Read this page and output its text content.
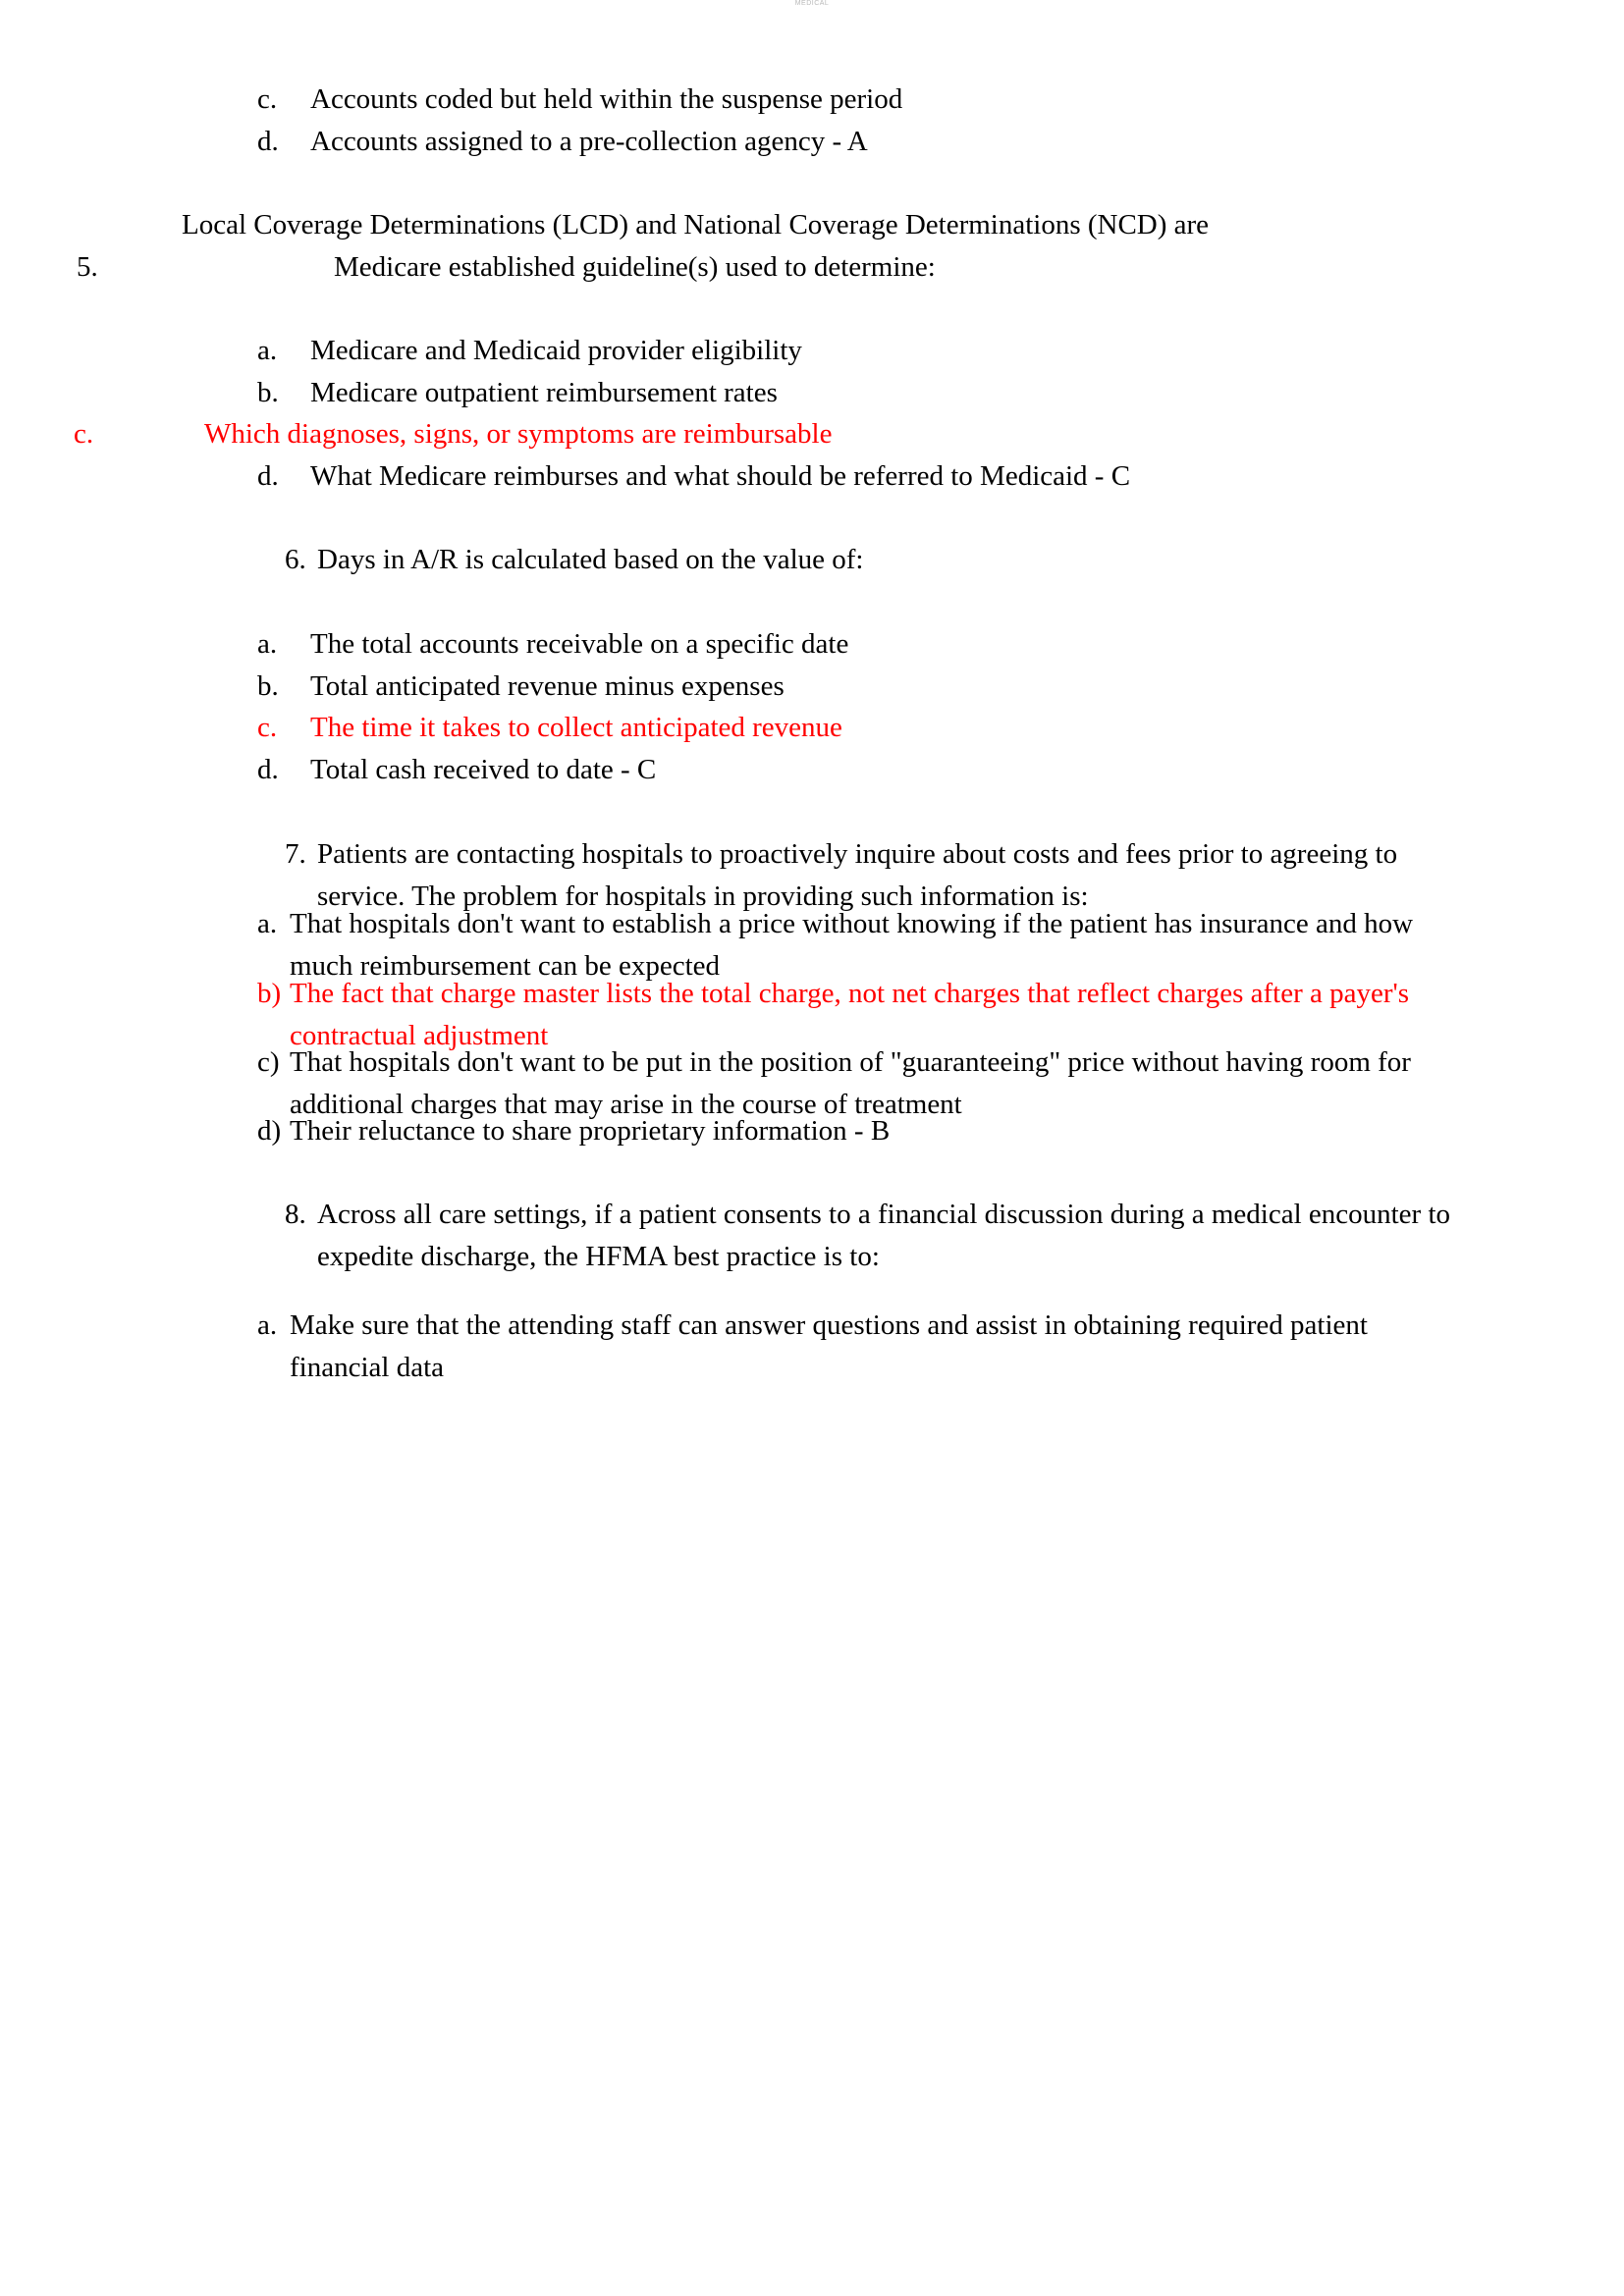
MEDICAL
c.	Accounts coded but held within the suspense period
d.	Accounts assigned to a pre-collection agency - A
Local Coverage Determinations (LCD) and National Coverage Determinations (NCD) are
5.	Medicare established guideline(s) used to determine:
a.	Medicare and Medicaid provider eligibility
b.	Medicare outpatient reimbursement rates
c.	Which diagnoses, signs, or symptoms are reimbursable
d.	What Medicare reimburses and what should be referred to Medicaid - C
6. Days in A/R is calculated based on the value of:
a.	The total accounts receivable on a specific date
b.	Total anticipated revenue minus expenses
c.	The time it takes to collect anticipated revenue
d.	Total cash received to date - C
7. Patients are contacting hospitals to proactively inquire about costs and fees prior to agreeing to service. The problem for hospitals in providing such information is:
a. That hospitals don't want to establish a price without knowing if the patient has insurance and how much reimbursement can be expected
b) The fact that charge master lists the total charge, not net charges that reflect charges after a payer's contractual adjustment
c) That hospitals don't want to be put in the position of "guaranteeing" price without having room for additional charges that may arise in the course of treatment
d) Their reluctance to share proprietary information - B
8. Across all care settings, if a patient consents to a financial discussion during a medical encounter to expedite discharge, the HFMA best practice is to:
a. Make sure that the attending staff can answer questions and assist in obtaining required patient financial data
